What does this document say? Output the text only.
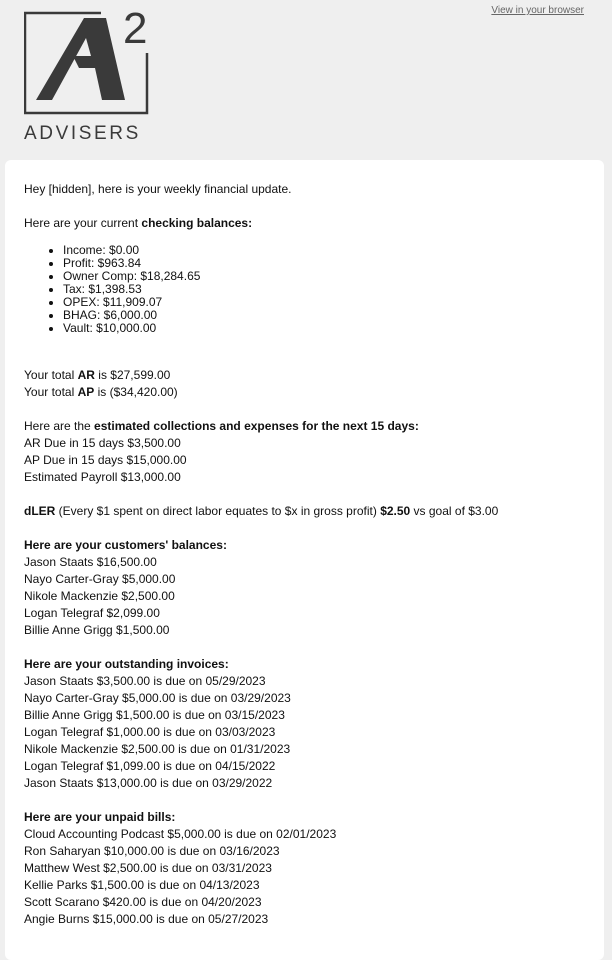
2
ADVISERS
View in your browser

Hey [hidden], here is your weekly financial update.

Here are your current checking balances:

• Income: $0.00
• Profit: $963.84
• Owner Comp: $18,284.65
• Tax: $1,398.53
• OPEX: $11,909.07
• BHAG: $6,000.00
• Vault: $10,000.00

Your total AR is $27,599.00

Your total AP is ($34,420.00)

Here are the estimated collections and expenses for the next 15 days:

AR Due in 15 days $3,500.00

AP Due in 15 days $15,000.00

Estimated Payroll $13,000.00

dLER (Every $1 spent on direct labor equates to $x in gross profit) $2.50 vs goal of $3.00

Here are your customers' balances:

Jason Staats $16,500.00

Nayo Carter-Gray $5,000.00

Nikole Mackenzie $2,500.00

Logan Telegraf $2,099.00

Billie Anne Grigg $1,500.00

Here are your outstanding invoices:

Jason Staats $3,500.00 is due on 05/29/2023

Nayo Carter-Gray $5,000.00 is due on 03/29/2023

Billie Anne Grigg $1,500.00 is due on 03/15/2023

Logan Telegraf $1,000.00 is due on 03/03/2023

Nikole Mackenzie $2,500.00 is due on 01/31/2023

Logan Telegraf $1,099.00 is due on 04/15/2022

Jason Staats $13,000.00 is due on 03/29/2022

Here are your unpaid bills:

Cloud Accounting Podcast $5,000.00 is due on 02/01/2023

Ron Saharyan $10,000.00 is due on 03/16/2023

Matthew West $2,500.00 is due on 03/31/2023

Kellie Parks $1,500.00 is due on 04/13/2023

Scott Scarano $420.00 is due on 04/20/2023

Angie Burns $15,000.00 is due on 05/27/2023
